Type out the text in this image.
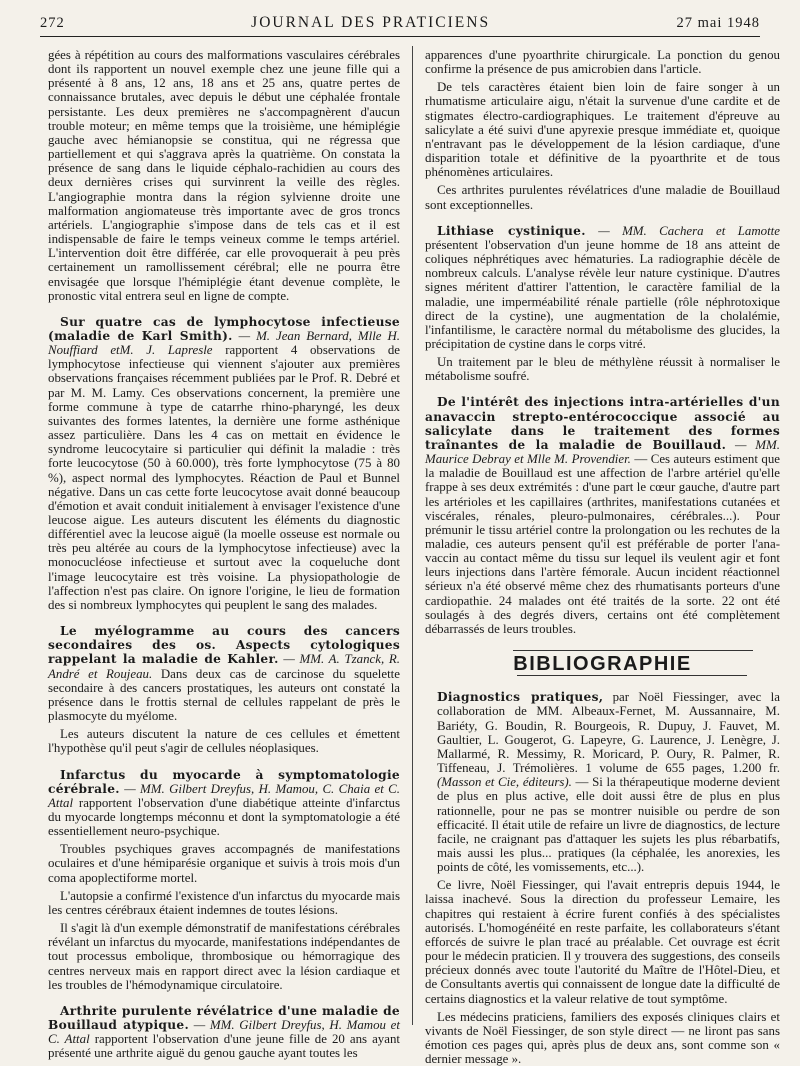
272	JOURNAL DES PRATICIENS	27 mai 1948

gées à répétition au cours des malformations vasculaires cérébrales dont ils rapportent un nouvel exemple chez une jeune fille qui a présenté à 8 ans, 12 ans, 18 ans et 25 ans, quatre pertes de connaissance brutales, avec depuis le début une céphalée frontale persistante. Les deux premières ne s'accompagnèrent d'aucun trouble moteur; en même temps que la troisième, une hémiplégie gauche avec hémianopsie se constitua, qui ne régressa que partiellement et qui s'aggrava après la quatrième. On constata la présence de sang dans le liquide céphalo-rachidien au cours des deux dernières crises qui survinrent la veille des règles. L'angiographie montra dans la région sylvienne droite une malformation angiomateuse très importante avec de gros troncs artériels. L'angiographie s'impose dans de tels cas et il est indispensable de faire le temps veineux comme le temps artériel. L'intervention doit être différée, car elle provoquerait à peu près certainement un ramollissement cérébral; elle ne pourra être envisagée que lorsque l'hémiplégie étant devenue complète, le pronostic vital entrera seul en ligne de compte.

Sur quatre cas de lymphocytose infectieuse (maladie de Karl Smith). — M. Jean Bernard, Mlle H. Nouffiard etM. J. Lapresle rapportent 4 observations de lymphocytose infectieuse qui viennent s'ajouter aux premières observations françaises récemment publiées par le Prof. R. Debré et par M. M. Lamy. Ces observations concernent, la première une forme commune à type de catarrhe rhino-pharyngé, les deux suivantes des formes latentes, la dernière une forme asthénique assez particulière. Dans les 4 cas on mettait en évidence le syndrome leucocytaire si particulier qui définit la maladie : très forte leucocytose (50 à 60.000), très forte lymphocytose (75 à 80 %), aspect normal des lymphocytes. Réaction de Paul et Bunnel négative. Dans un cas cette forte leucocytose avait donné beaucoup d'émotion et avait conduit initialement à envisager l'existence d'une leucose aigue. Les auteurs discutent les éléments du diagnostic différentiel avec la leucose aiguë (la moelle osseuse est normale ou très peu altérée au cours de la lymphocytose infectieuse) avec la monocucléose infectieuse et surtout avec la coqueluche dont l'image leucocytaire est très voisine. La physiopathologie de l'affection n'est pas claire. On ignore l'origine, le lieu de formation des si nombreux lymphocytes qui peuplent le sang des malades.

Le myélogramme au cours des cancers secondaires des os. Aspects cytologiques rappelant la maladie de Kahler. — MM. A. Tzanck, R. André et Roujeau. Dans deux cas de carcinose du squelette secondaire à des cancers prostatiques, les auteurs ont constaté la présence dans le frottis sternal de cellules rappelant de près le plasmocyte du myélome.

Les auteurs discutent la nature de ces cellules et émettent l'hypothèse qu'il peut s'agir de cellules néoplasiques.

Infarctus du myocarde à symptomatologie cérébrale. — MM. Gilbert Dreyfus, H. Mamou, C. Chaia et C. Attal rapportent l'observation d'une diabétique atteinte d'infarctus du myocarde longtemps méconnu et dont la symptomatologie a été essentiellement neuro-psychique.

Troubles psychiques graves accompagnés de manifestations oculaires et d'une hémiparésie organique et suivis à trois mois d'un coma apoplectiforme mortel.

L'autopsie a confirmé l'existence d'un infarctus du myocarde mais les centres cérébraux étaient indemnes de toutes lésions.

Il s'agit là d'un exemple démonstratif de manifestations cérébrales révélant un infarctus du myocarde, manifestations indépendantes de tout processus embolique, thrombosique ou hémorragique des centres nerveux mais en rapport direct avec la lésion cardiaque et les troubles de l'hémodynamique circulatoire.

Arthrite purulente révélatrice d'une maladie de Bouillaud atypique. — MM. Gilbert Dreyfus, H. Mamou et C. Attal rapportent l'observation d'une jeune fille de 20 ans ayant présenté une arthrite aiguë du genou gauche ayant toutes les

apparences d'une pyoarthrite chirurgicale. La ponction du genou confirme la présence de pus amicrobien dans l'article.

De tels caractères étaient bien loin de faire songer à un rhumatisme articulaire aigu, n'était la survenue d'une cardite et de stigmates électro-cardiographiques. Le traitement d'épreuve au salicylate a été suivi d'une apyrexie presque immédiate et, quoique n'entravant pas le développement de la lésion cardiaque, d'une disparition totale et définitive de la pyoarthrite et de tous phénomènes articulaires.

Ces arthrites purulentes révélatrices d'une maladie de Bouillaud sont exceptionnelles.

Lithiase cystinique. — MM. Cachera et Lamotte présentent l'observation d'un jeune homme de 18 ans atteint de coliques néphrétiques avec hématuries. La radiographie décèle de nombreux calculs. L'analyse révèle leur nature cystinique. D'autres signes méritent d'attirer l'attention, le caractère familial de la maladie, une imperméabilité rénale partielle (rôle néphrotoxique direct de la cystine), une augmentation de la cholalémie, l'infantilisme, le caractère normal du métabolisme des glucides, la précipitation de cystine dans le corps vitré.

Un traitement par le bleu de méthylène réussit à normaliser le métabolisme soufré.

De l'intérêt des injections intra-artérielles d'un anavaccin strepto-entérococcique associé au salicylate dans le traitement des formes traînantes de la maladie de Bouillaud. — MM. Maurice Debray et Mlle M. Provendier. — Ces auteurs estiment que la maladie de Bouillaud est une affection de l'arbre artériel qu'elle frappe à ses deux extrémités : d'une part le cœur gauche, d'autre part les artérioles et les capillaires (arthrites, manifestations cutanées et viscérales, rénales, pleuro-pulmonaires, cérébrales...). Pour prémunir le tissu artériel contre la prolongation ou les rechutes de la maladie, ces auteurs pensent qu'il est préférable de porter l'ana-vaccin au contact même du tissu sur lequel ils veulent agir et font leurs injections dans l'artère fémorale. Aucun incident réactionnel sérieux n'a été observé même chez des rhumatisants porteurs d'une cardiopathie. 24 malades ont été traités de la sorte. 22 ont été soulagés à des degrés divers, certains ont été complètement débarrassés de leurs troubles.

BIBLIOGRAPHIE

Diagnostics pratiques, par Noël Fiessinger, avec la collaboration de MM. Albeaux-Fernet, M. Aussannaire, M. Bariéty, G. Boudin, R. Bourgeois, R. Dupuy, J. Fauvet, M. Gaultier, L. Gougerot, G. Lapeyre, G. Laurence, J. Lenègre, J. Mallarmé, R. Messimy, R. Moricard, P. Oury, R. Palmer, R. Tiffeneau, J. Trémolières. 1 volume de 655 pages, 1.200 fr. (Masson et Cie, éditeurs). — Si la thérapeutique moderne devient de plus en plus active, elle doit aussi être de plus en plus rationnelle, pour ne pas se montrer nuisible ou perdre de son efficacité. Il était utile de refaire un livre de diagnostics, de lecture facile, ne craignant pas d'attaquer les sujets les plus rébarbatifs, mais aussi les plus... pratiques (la céphalée, les anorexies, les points de côté, les vomissements, etc...).

Ce livre, Noël Fiessinger, qui l'avait entrepris depuis 1944, le laissa inachevé. Sous la direction du professeur Lemaire, les chapitres qui restaient à écrire furent confiés à des spécialistes autorisés. L'homogénéité en reste parfaite, les collaborateurs s'étant efforcés de suivre le plan tracé au préalable. Cet ouvrage est écrit pour le médecin praticien. Il y trouvera des suggestions, des conseils précieux donnés avec toute l'autorité du Maître de l'Hôtel-Dieu, et de Consultants avertis qui connaissent de longue date la difficulté de certains diagnostics et la valeur relative de tout symptôme.

Les médecins praticiens, familiers des exposés cliniques clairs et vivants de Noël Fiessinger, de son style direct — ne liront pas sans émotion ces pages qui, après plus de deux ans, sont comme son « dernier message ».
